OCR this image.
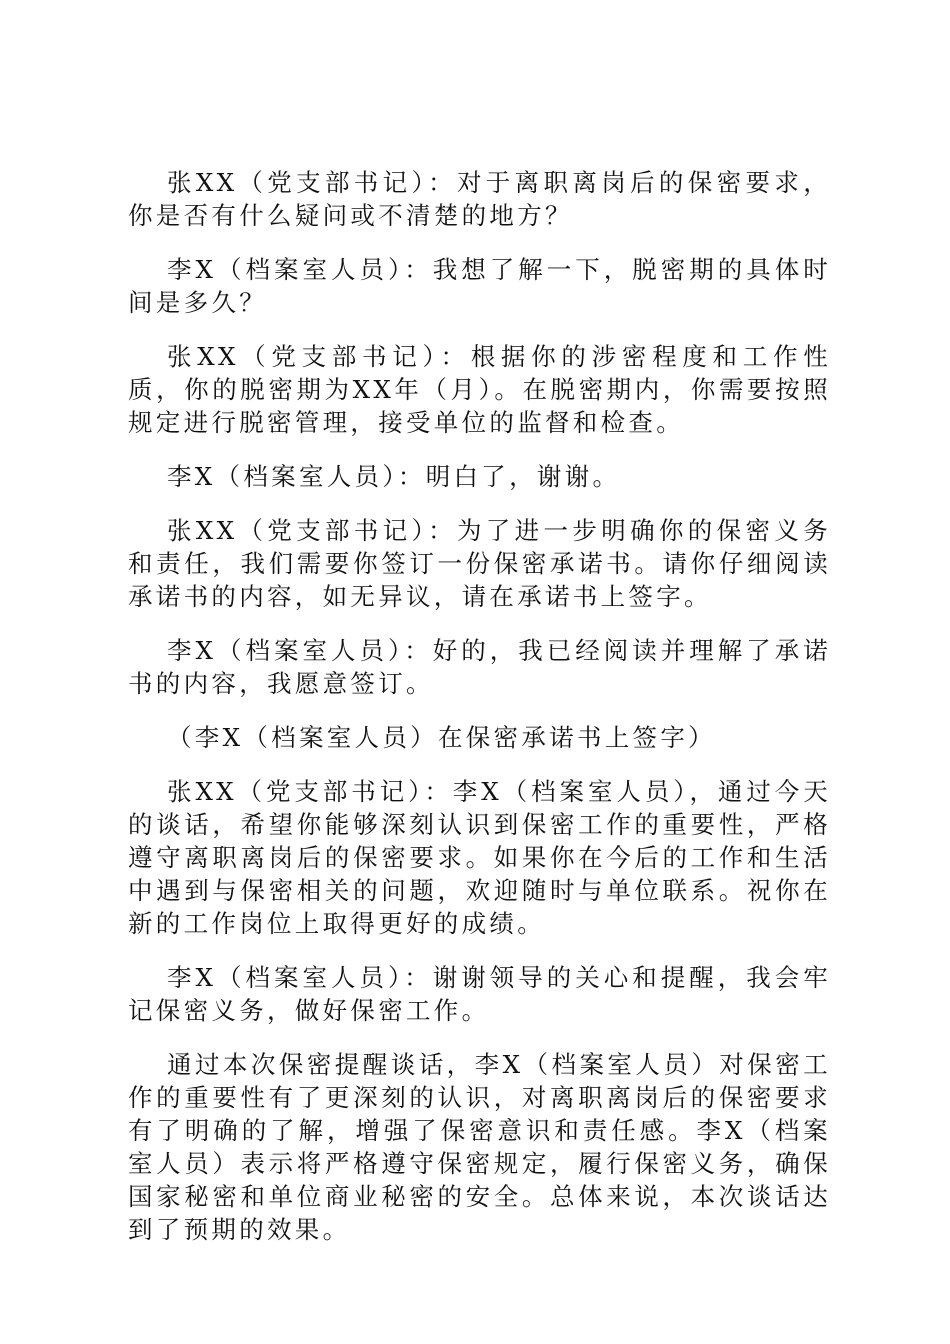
张XX（党支部书记）：对于离职离岗后的保密要求，你是否有什么疑问或不清楚的地方？

李X（档案室人员）：我想了解一下，脱密期的具体时间是多久？

张XX（党支部书记）：根据你的涉密程度和工作性质，你的脱密期为XX年（月）。在脱密期内，你需要按照规定进行脱密管理，接受单位的监督和检查。

李X（档案室人员）：明白了，谢谢。

张XX（党支部书记）：为了进一步明确你的保密义务和责任，我们需要你签订一份保密承诺书。请你仔细阅读承诺书的内容，如无异议，请在承诺书上签字。

李X（档案室人员）：好的，我已经阅读并理解了承诺书的内容，我愿意签订。

（李X（档案室人员）在保密承诺书上签字）

张XX（党支部书记）：李X（档案室人员），通过今天的谈话，希望你能够深刻认识到保密工作的重要性，严格遵守离职离岗后的保密要求。如果你在今后的工作和生活中遇到与保密相关的问题，欢迎随时与单位联系。祝你在新的工作岗位上取得更好的成绩。

李X（档案室人员）：谢谢领导的关心和提醒，我会牢记保密义务，做好保密工作。

通过本次保密提醒谈话，李X（档案室人员）对保密工作的重要性有了更深刻的认识，对离职离岗后的保密要求有了明确的了解，增强了保密意识和责任感。李X（档案室人员）表示将严格遵守保密规定，履行保密义务，确保国家秘密和单位商业秘密的安全。总体来说，本次谈话达到了预期的效果。
